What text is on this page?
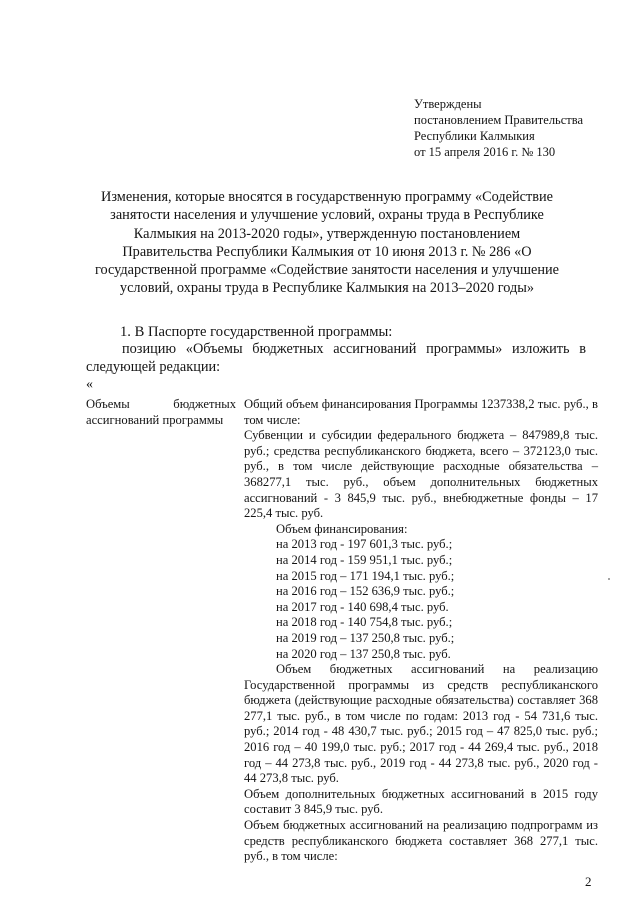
Утверждены
постановлением Правительства
Республики Калмыкия
от 15 апреля 2016 г. № 130
Изменения, которые вносятся в государственную программу «Содействие
занятости населения и улучшение условий, охраны труда в Республике
Калмыкия на 2013-2020 годы», утвержденную постановлением
Правительства Республики Калмыкия от 10 июня 2013 г. № 286 «О
государственной программе «Содействие занятости населения и улучшение
условий, охраны труда в Республике Калмыкия на 2013–2020 годы»
1. В Паспорте государственной программы:
позицию «Объемы бюджетных ассигнований программы» изложить в
следующей редакции:
«
Объемы	бюджетных
ассигнований программы

Общий объем финансирования Программы 1237338,2 тыс. руб., в том числе:

Субвенции и субсидии федерального бюджета – 847989,8 тыс. руб.; средства республиканского бюджета, всего – 372123,0 тыс. руб., в том числе действующие расходные обязательства – 368277,1 тыс. руб., объем дополнительных бюджетных ассигнований - 3 845,9 тыс. руб., внебюджетные фонды – 17 225,4 тыс. руб.

Объем финансирования:

на 2013 год - 197 601,3 тыс. руб.;
на 2014 год - 159 951,1 тыс. руб.;
на 2015 год – 171 194,1 тыс. руб.;
на 2016 год – 152 636,9 тыс. руб.;
на 2017 год - 140 698,4 тыс. руб.
на 2018 год - 140 754,8 тыс. руб.;
на 2019 год – 137 250,8 тыс. руб.;
на 2020 год – 137 250,8 тыс. руб.

Объем бюджетных ассигнований на реализацию Государственной программы из средств республиканского бюджета (действующие расходные обязательства) составляет 368 277,1 тыс. руб., в том числе по годам: 2013 год - 54 731,6 тыс. руб.; 2014 год - 48 430,7 тыс. руб.; 2015 год – 47 825,0 тыс. руб.; 2016 год – 40 199,0 тыс. руб.; 2017 год - 44 269,4 тыс. руб., 2018 год – 44 273,8 тыс. руб., 2019 год - 44 273,8 тыс. руб., 2020 год - 44 273,8 тыс. руб.

Объем дополнительных бюджетных ассигнований в 2015 году составит 3 845,9 тыс. руб.

Объем бюджетных ассигнований на реализацию подпрограмм из средств республиканского бюджета составляет 368 277,1 тыс. руб., в том числе:

2
